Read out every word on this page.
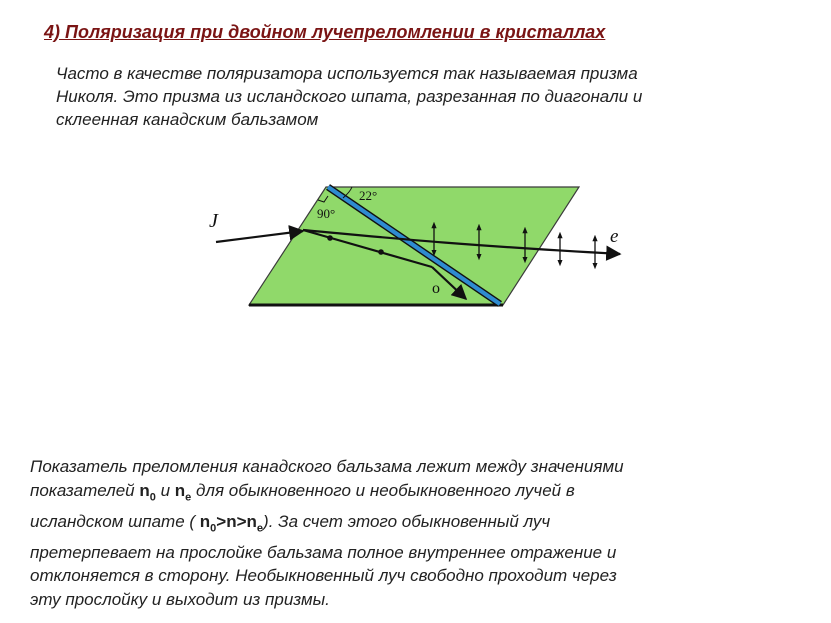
4) Поляризация при двойном лучепреломлении в кристаллах
Часто в качестве поляризатора используется так называемая призма
Николя. Это призма из исландского шпата, разрезанная по диагонали и
склеенная канадским бальзамом
22°
90°
J
e
o
Показатель преломления канадского бальзама лежит между значениями
показателей $n_0$ и $n_e$ для обыкновенного и необыкновенного лучей в
исландском шпате ( $n_0>n>n_e$). За счет этого обыкновенный луч
претерпевает на прослойке бальзама полное внутреннее отражение и
отклоняется в сторону. Необыкновенный луч свободно проходит через
эту прослойку и выходит из призмы.
